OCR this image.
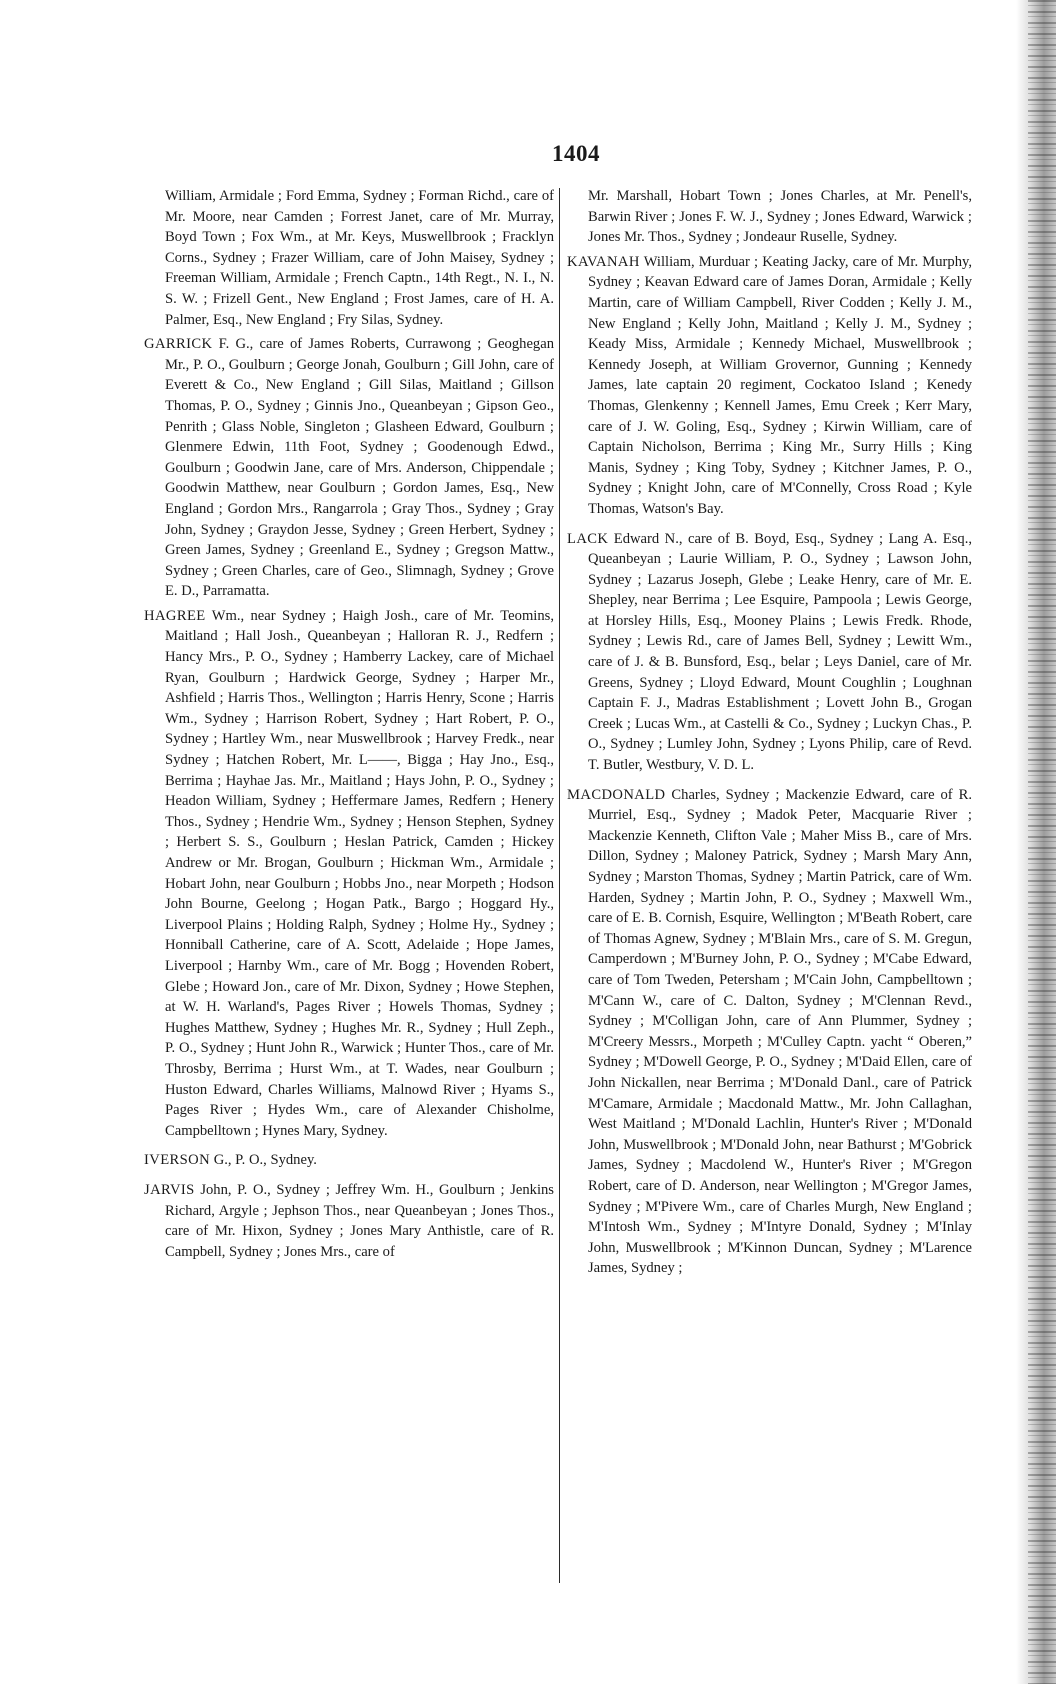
1404

William, Armidale ; Ford Emma, Sydney ; Forman Richd., care of Mr. Moore, near Camden ; Forrest Janet, care of Mr. Murray, Boyd Town ; Fox Wm., at Mr. Keys, Muswellbrook ; Fracklyn Corns., Sydney ; Frazer William, care of John Maisey, Sydney ; Freeman William, Armidale ; French Captn., 14th Regt., N. I., N. S. W. ; Frizell Gent., New England ; Frost James, care of H. A. Palmer, Esq., New England ; Fry Silas, Sydney.

GARRICK F. G., care of James Roberts, Currawong ; Geoghegan Mr., P. O., Goulburn ; George Jonah, Goulburn ; Gill John, care of Everett & Co., New England ; Gill Silas, Maitland ; Gillson Thomas, P. O., Sydney ; Ginnis Jno., Queanbeyan ; Gipson Geo., Penrith ; Glass Noble, Singleton ; Glasheen Edward, Goulburn ; Glenmere Edwin, 11th Foot, Sydney ; Goodenough Edwd., Goulburn ; Goodwin Jane, care of Mrs. Anderson, Chippendale ; Goodwin Matthew, near Goulburn ; Gordon James, Esq., New England ; Gordon Mrs., Rangarrola ; Gray Thos., Sydney ; Gray John, Sydney ; Graydon Jesse, Sydney ; Green Herbert, Sydney ; Green James, Sydney ; Greenland E., Sydney ; Gregson Mattw., Sydney ; Green Charles, care of Geo., Slimnagh, Sydney ; Grove E. D., Parramatta.

HAGREE Wm., near Sydney ; Haigh Josh., care of Mr. Teomins, Maitland ; Hall Josh., Queanbeyan ; Halloran R. J., Redfern ; Hancy Mrs., P. O., Sydney ; Hamberry Lackey, care of Michael Ryan, Goulburn ; Hardwick George, Sydney ; Harper Mr., Ashfield ; Harris Thos., Wellington ; Harris Henry, Scone ; Harris Wm., Sydney ; Harrison Robert, Sydney ; Hart Robert, P. O., Sydney ; Hartley Wm., near Muswellbrook ; Harvey Fredk., near Sydney ; Hatchen Robert, Mr. L——, Bigga ; Hay Jno., Esq., Berrima ; Hayhae Jas. Mr., Maitland ; Hays John, P. O., Sydney ; Headon William, Sydney ; Heffermare James, Redfern ; Henery Thos., Sydney ; Hendrie Wm., Sydney ; Henson Stephen, Sydney ; Herbert S. S., Goulburn ; Heslan Patrick, Camden ; Hickey Andrew or Mr. Brogan, Goulburn ; Hickman Wm., Armidale ; Hobart John, near Goulburn ; Hobbs Jno., near Morpeth ; Hodson John Bourne, Geelong ; Hogan Patk., Bargo ; Hoggard Hy., Liverpool Plains ; Holding Ralph, Sydney ; Holme Hy., Sydney ; Honniball Catherine, care of A. Scott, Adelaide ; Hope James, Liverpool ; Harnby Wm., care of Mr. Bogg ; Hovenden Robert, Glebe ; Howard Jon., care of Mr. Dixon, Sydney ; Howe Stephen, at W. H. Warland's, Pages River ; Howels Thomas, Sydney ; Hughes Matthew, Sydney ; Hughes Mr. R., Sydney ; Hull Zeph., P. O., Sydney ; Hunt John R., Warwick ; Hunter Thos., care of Mr. Throsby, Berrima ; Hurst Wm., at T. Wades, near Goulburn ; Huston Edward, Charles Williams, Malnowd River ; Hyams S., Pages River ; Hydes Wm., care of Alexander Chisholme, Campbelltown ; Hynes Mary, Sydney.

IVERSON G., P. O., Sydney.

JARVIS John, P. O., Sydney ; Jeffrey Wm. H., Goulburn ; Jenkins Richard, Argyle ; Jephson Thos., near Queanbeyan ; Jones Thos., care of Mr. Hixon, Sydney ; Jones Mary Anthistle, care of R. Campbell, Sydney ; Jones Mrs., care of

Mr. Marshall, Hobart Town ; Jones Charles, at Mr. Penell's, Barwin River ; Jones F. W. J., Sydney ; Jones Edward, Warwick ; Jones Mr. Thos., Sydney ; Jondeaur Ruselle, Sydney.

KAVANAH William, Murduar ; Keating Jacky, care of Mr. Murphy, Sydney ; Keavan Edward care of James Doran, Armidale ; Kelly Martin, care of William Campbell, River Codden ; Kelly J. M., New England ; Kelly John, Maitland ; Kelly J. M., Sydney ; Keady Miss, Armidale ; Kennedy Michael, Muswellbrook ; Kennedy Joseph, at William Grovernor, Gunning ; Kennedy James, late captain 20 regiment, Cockatoo Island ; Kenedy Thomas, Glenkenny ; Kennell James, Emu Creek ; Kerr Mary, care of J. W. Goling, Esq., Sydney ; Kirwin William, care of Captain Nicholson, Berrima ; King Mr., Surry Hills ; King Manis, Sydney ; King Toby, Sydney ; Kitchner James, P. O., Sydney ; Knight John, care of M'Connelly, Cross Road ; Kyle Thomas, Watson's Bay.

LACK Edward N., care of B. Boyd, Esq., Sydney ; Lang A. Esq., Queanbeyan ; Laurie William, P. O., Sydney ; Lawson John, Sydney ; Lazarus Joseph, Glebe ; Leake Henry, care of Mr. E. Shepley, near Berrima ; Lee Esquire, Pampoola ; Lewis George, at Horsley Hills, Esq., Mooney Plains ; Lewis Fredk. Rhode, Sydney ; Lewis Rd., care of James Bell, Sydney ; Lewitt Wm., care of J. & B. Bunsford, Esq., belar ; Leys Daniel, care of Mr. Greens, Sydney ; Lloyd Edward, Mount Coughlin ; Loughnan Captain F. J., Madras Establishment ; Lovett John B., Grogan Creek ; Lucas Wm., at Castelli & Co., Sydney ; Luckyn Chas., P. O., Sydney ; Lumley John, Sydney ; Lyons Philip, care of Revd. T. Butler, Westbury, V. D. L.

MACDONALD Charles, Sydney ; Mackenzie Edward, care of R. Murriel, Esq., Sydney ; Madok Peter, Macquarie River ; Mackenzie Kenneth, Clifton Vale ; Maher Miss B., care of Mrs. Dillon, Sydney ; Maloney Patrick, Sydney ; Marsh Mary Ann, Sydney ; Marston Thomas, Sydney ; Martin Patrick, care of Wm. Harden, Sydney ; Martin John, P. O., Sydney ; Maxwell Wm., care of E. B. Cornish, Esquire, Wellington ; M'Beath Robert, care of Thomas Agnew, Sydney ; M'Blain Mrs., care of S. M. Gregun, Camperdown ; M'Burney John, P. O., Sydney ; M'Cabe Edward, care of Tom Tweden, Petersham ; M'Cain John, Campbelltown ; M'Cann W., care of C. Dalton, Sydney ; M'Clennan Revd., Sydney ; M'Colligan John, care of Ann Plummer, Sydney ; M'Creery Messrs., Morpeth ; M'Culley Captn. yacht “ Oberen,” Sydney ; M'Dowell George, P. O., Sydney ; M'Daid Ellen, care of John Nickallen, near Berrima ; M'Donald Danl., care of Patrick M'Camare, Armidale ; Macdonald Mattw., Mr. John Callaghan, West Maitland ; M'Donald Lachlin, Hunter's River ; M'Donald John, Muswellbrook ; M'Donald John, near Bathurst ; M'Gobrick James, Sydney ; Macdolend W., Hunter's River ; M'Gregon Robert, care of D. Anderson, near Wellington ; M'Gregor James, Sydney ; M'Pivere Wm., care of Charles Murgh, New England ; M'Intosh Wm., Sydney ; M'Intyre Donald, Sydney ; M'Inlay John, Muswellbrook ; M'Kinnon Duncan, Sydney ; M'Larence James, Sydney ;
